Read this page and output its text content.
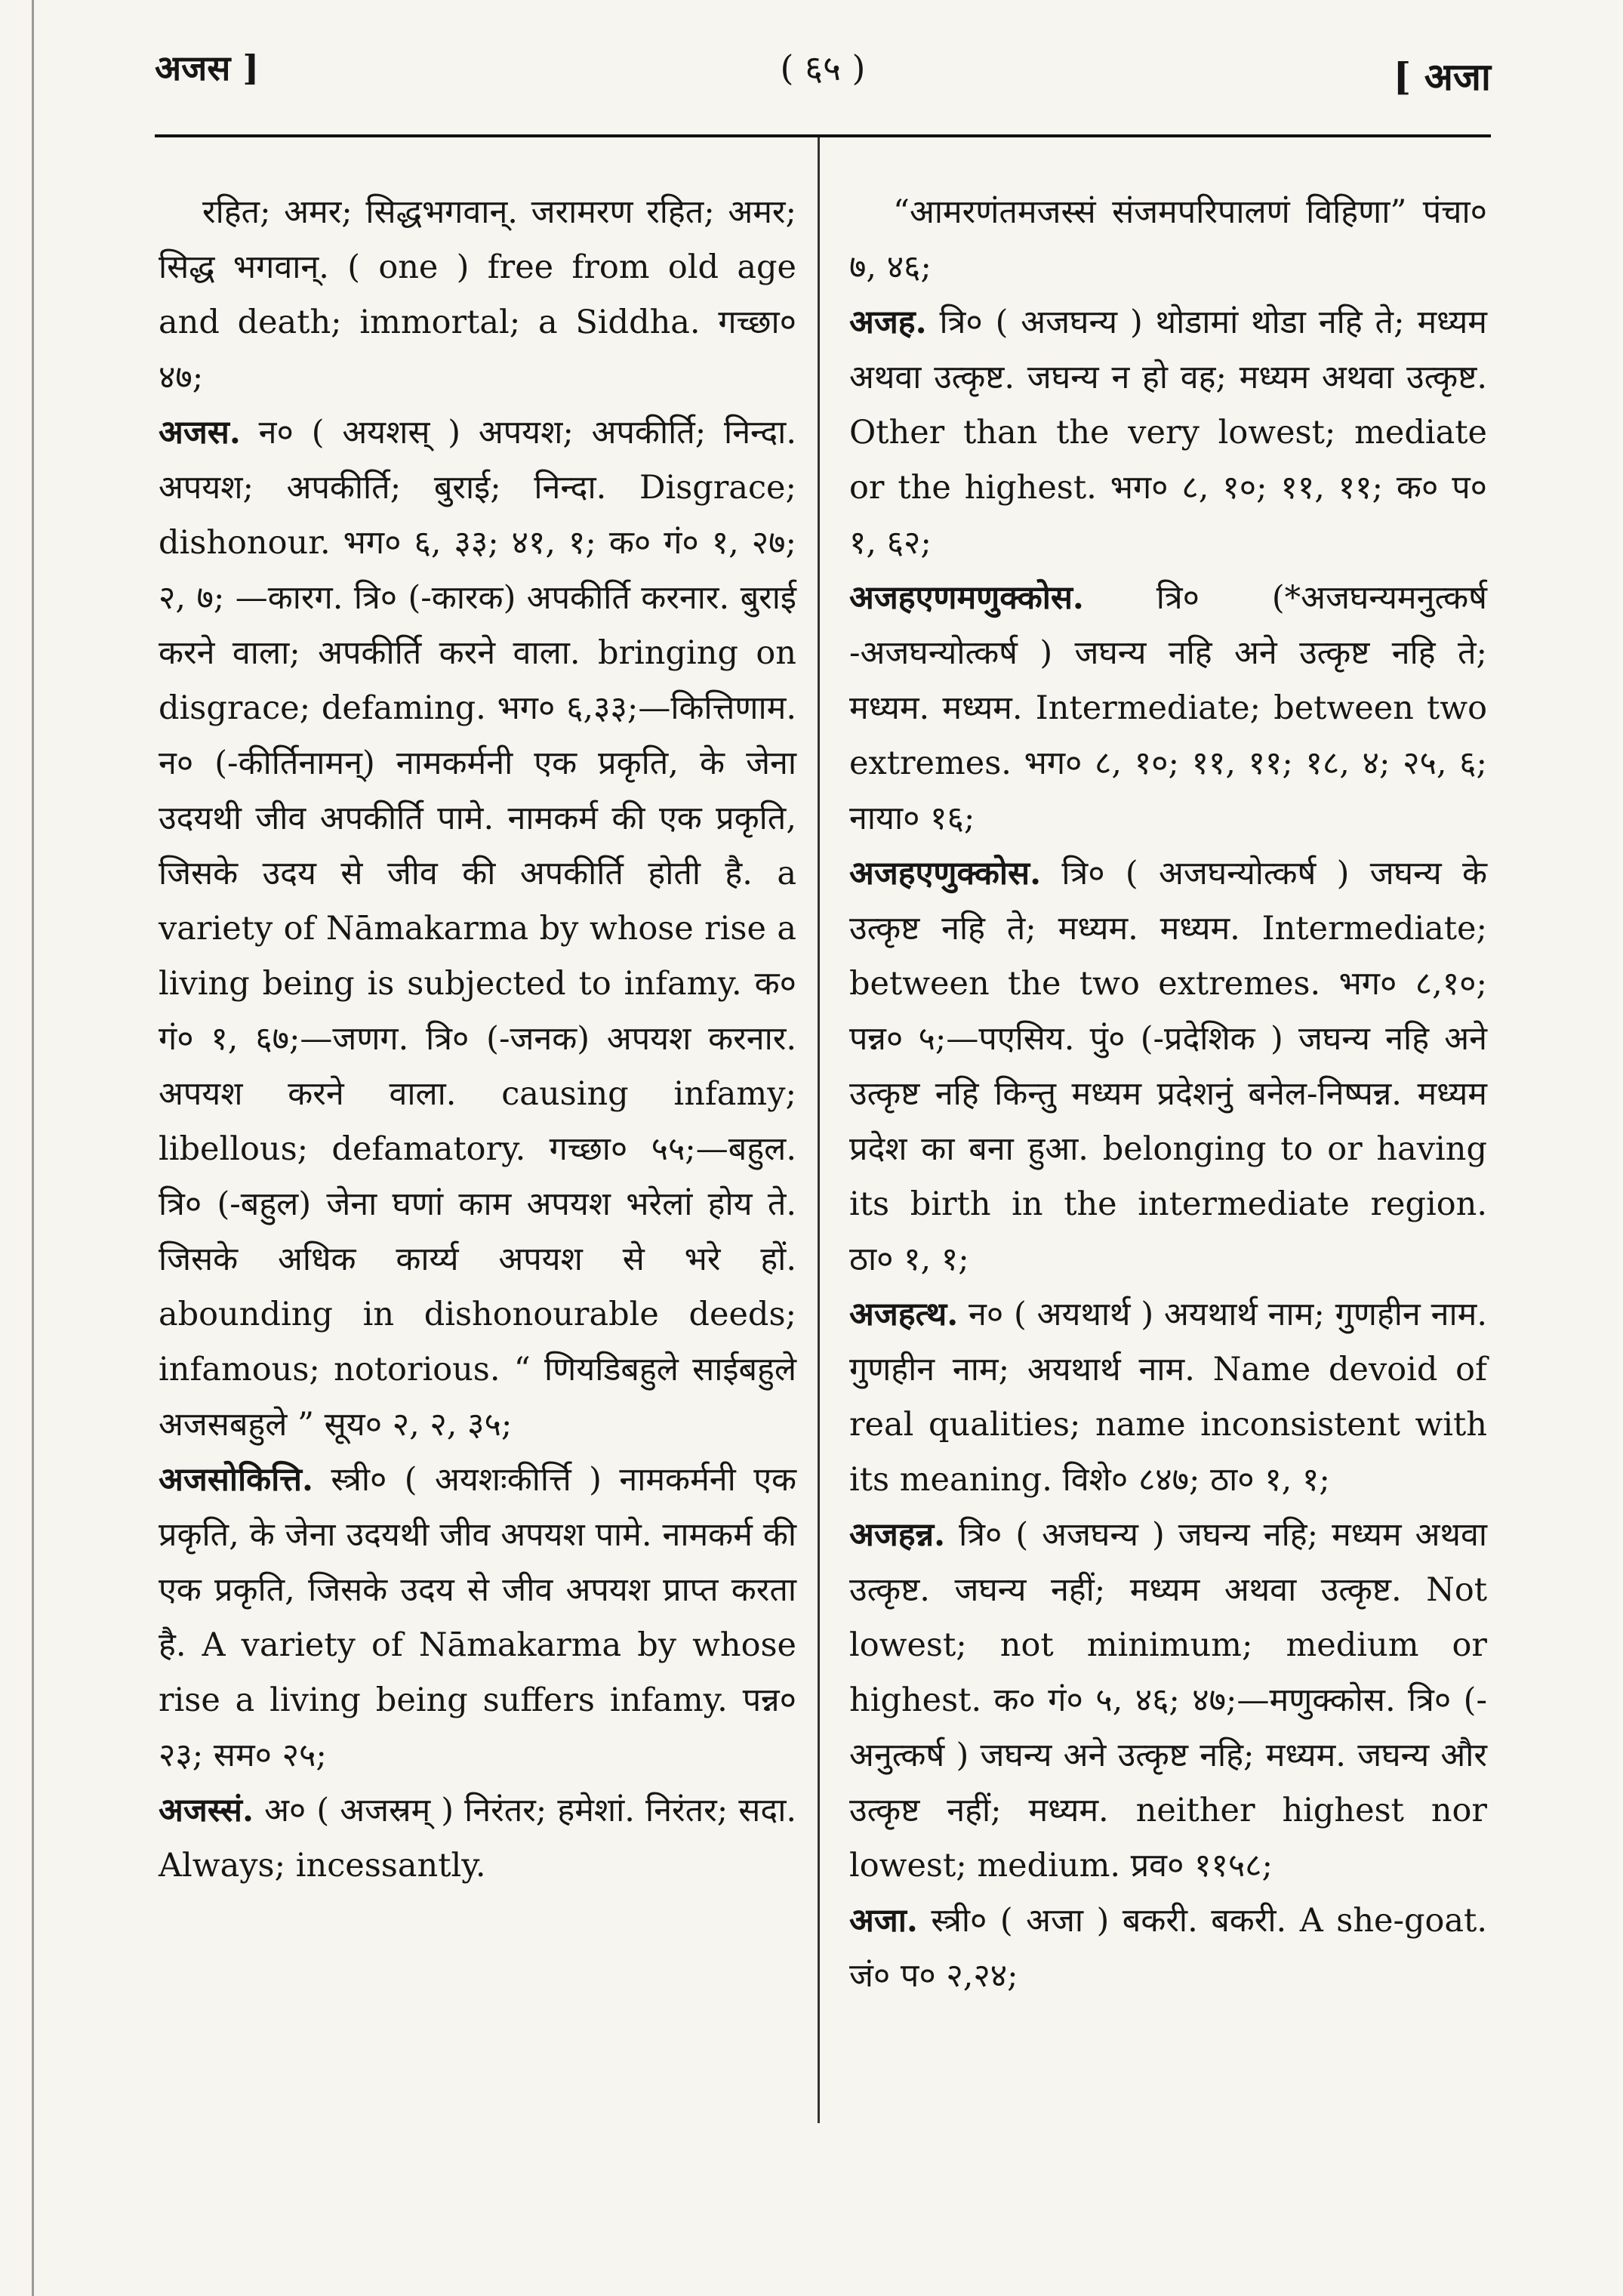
अजस ]	( ६५ )	[ अजा

रहित; अमर; सिद्धभगवान्. जरामरण रहित; अमर; सिद्ध भगवान्. ( one ) free from old age and death; immortal; a Siddha. गच्छा० ४७;

अजस. न० ( अयशस् ) अपयश; अपकीर्ति; निन्दा. अपयश; अपकीर्ति; बुराई; निन्दा. Disgrace; dishonour. भग० ६, ३३; ४१, १; क० गं० १, २७; २, ७; —कारग. त्रि० (-कारक) अपकीर्ति करनार. बुराई करने वाला; अपकीर्ति करने वाला. bringing on disgrace; defaming. भग० ६,३३;—कित्तिणाम. न० (-कीर्तिनामन्) नामकर्मनी एक प्रकृति, के जेना उदयथी जीव अपकीर्ति पामे. नामकर्म की एक प्रकृति, जिसके उदय से जीव की अपकीर्ति होती है. a variety of Nāmakarma by whose rise a living being is subjected to infamy. क० गं० १, ६७;—जणग. त्रि० (-जनक) अपयश करनार. अपयश करने वाला. causing infamy; libellous; defamatory. गच्छा० ५५;—बहुल. त्रि० (-बहुल) जेना घणां काम अपयश भरेलां होय ते. जिसके अधिक कार्य्य अपयश से भरे हों. abounding in dishonourable deeds; infamous; notorious. “ णियडिबहुले साईबहुले अजसबहुले ” सूय० २, २, ३५;

अजसोकित्ति. स्त्री० ( अयशःकीर्त्ति ) नामकर्मनी एक प्रकृति, के जेना उदयथी जीव अपयश पामे. नामकर्म की एक प्रकृति, जिसके उदय से जीव अपयश प्राप्त करता है. A variety of Nāmakarma by whose rise a living being suffers infamy. पन्न० २३; सम० २५;

अजस्सं. अ० ( अजस्रम् ) निरंतर; हमेशां. निरंतर; सदा. Always; incessantly.

“आमरणंतमजस्सं संजमपरिपालणं विहिणा” पंचा० ७, ४६;

अजह. त्रि० ( अजघन्य ) थोडामां थोडा नहि ते; मध्यम अथवा उत्कृष्ट. जघन्य न हो वह; मध्यम अथवा उत्कृष्ट. Other than the very lowest; mediate or the highest. भग० ८, १०; ११, ११; क० प० १, ६२;

अजहएणमणुक्कोस. त्रि० (*अजघन्यमनुत्कर्ष -अजघन्योत्कर्ष ) जघन्य नहि अने उत्कृष्ट नहि ते; मध्यम. मध्यम. Intermediate; between two extremes. भग० ८, १०; ११, ११; १८, ४; २५, ६; नाया० १६;

अजहएणुक्कोस. त्रि० ( अजघन्योत्कर्ष ) जघन्य के उत्कृष्ट नहि ते; मध्यम. मध्यम. Intermediate; between the two extremes. भग० ८,१०; पन्न० ५;—पएसिय. पुं० (-प्रदेशिक ) जघन्य नहि अने उत्कृष्ट नहि किन्तु मध्यम प्रदेशनुं बनेल-निष्पन्न. मध्यम प्रदेश का बना हुआ. belonging to or having its birth in the intermediate region. ठा० १, १;

अजहत्थ. न० ( अयथार्थ ) अयथार्थ नाम; गुणहीन नाम. गुणहीन नाम; अयथार्थ नाम. Name devoid of real qualities; name inconsistent with its meaning. विशे० ८४७; ठा० १, १;

अजहन्न. त्रि० ( अजघन्य ) जघन्य नहि; मध्यम अथवा उत्कृष्ट. जघन्य नहीं; मध्यम अथवा उत्कृष्ट. Not lowest; not minimum; medium or highest. क० गं० ५, ४६; ४७;—मणुक्कोस. त्रि० (-अनुत्कर्ष ) जघन्य अने उत्कृष्ट नहि; मध्यम. जघन्य और उत्कृष्ट नहीं; मध्यम. neither highest nor lowest; medium. प्रव० ११५८;

अजा. स्त्री० ( अजा ) बकरी. बकरी. A she-goat. जं० प० २,२४;
